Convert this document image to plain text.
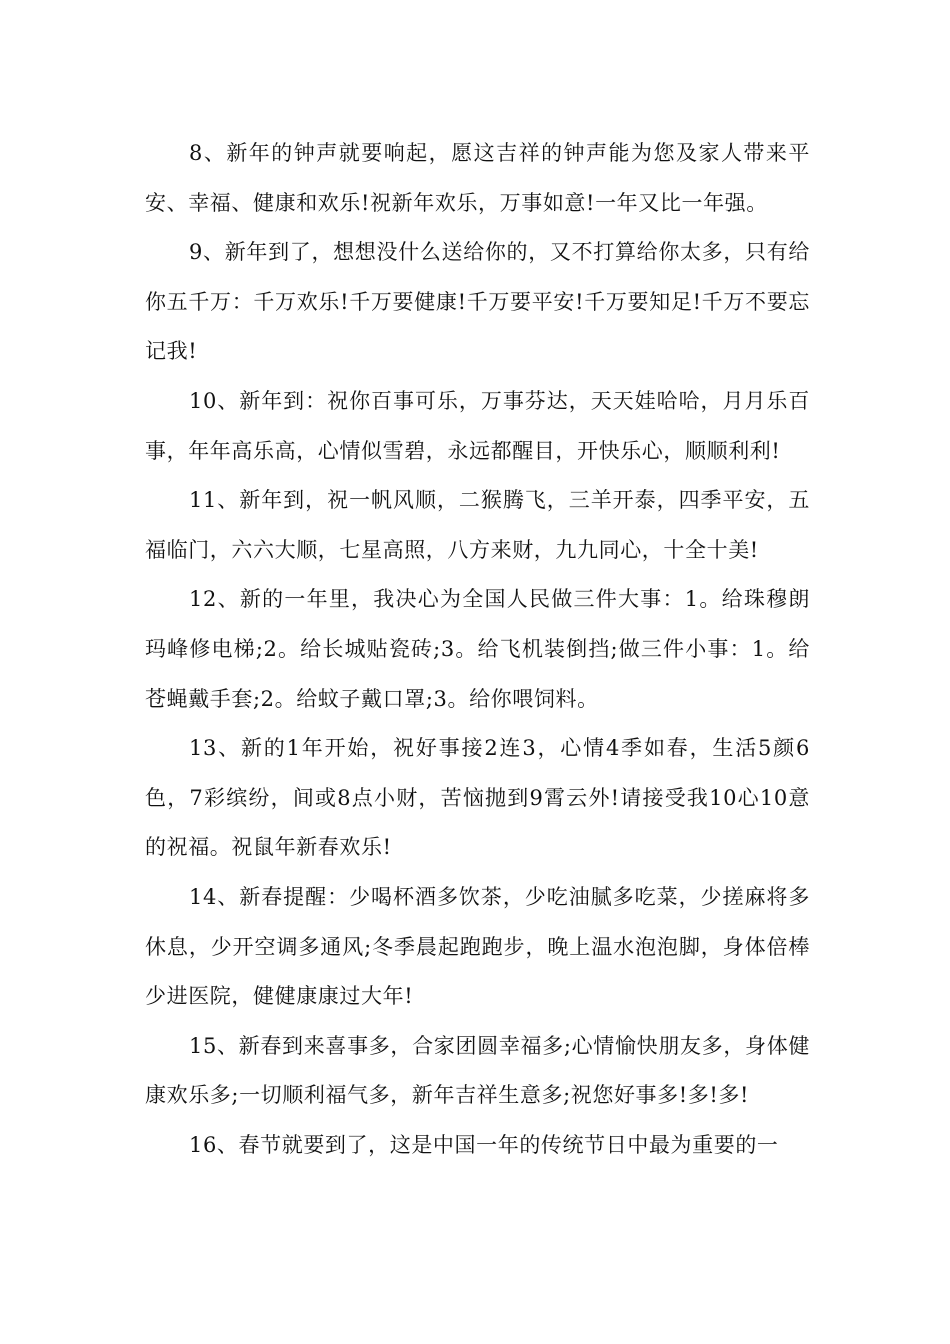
8、新年的钟声就要响起，愿这吉祥的钟声能为您及家人带来平安、幸福、健康和欢乐!祝新年欢乐，万事如意!一年又比一年强。

9、新年到了，想想没什么送给你的，又不打算给你太多，只有给你五千万：千万欢乐!千万要健康!千万要平安!千万要知足!千万不要忘记我!

10、新年到：祝你百事可乐，万事芬达，天天娃哈哈，月月乐百事，年年高乐高，心情似雪碧，永远都醒目，开快乐心，顺顺利利!

11、新年到，祝一帆风顺，二猴腾飞，三羊开泰，四季平安，五福临门，六六大顺，七星高照，八方来财，九九同心，十全十美!

12、新的一年里，我决心为全国人民做三件大事：1。给珠穆朗玛峰修电梯;2。给长城贴瓷砖;3。给飞机装倒挡;做三件小事：1。给苍蝇戴手套;2。给蚊子戴口罩;3。给你喂饲料。

13、新的1年开始，祝好事接2连3，心情4季如春，生活5颜6色，7彩缤纷，间或8点小财，苦恼抛到9霄云外!请接受我10心10意的祝福。祝鼠年新春欢乐!

14、新春提醒：少喝杯酒多饮茶，少吃油腻多吃菜，少搓麻将多休息，少开空调多通风;冬季晨起跑跑步，晚上温水泡泡脚，身体倍棒少进医院，健健康康过大年!

15、新春到来喜事多，合家团圆幸福多;心情愉快朋友多，身体健康欢乐多;一切顺利福气多，新年吉祥生意多;祝您好事多!多!多!

16、春节就要到了，这是中国一年的传统节日中最为重要的一
